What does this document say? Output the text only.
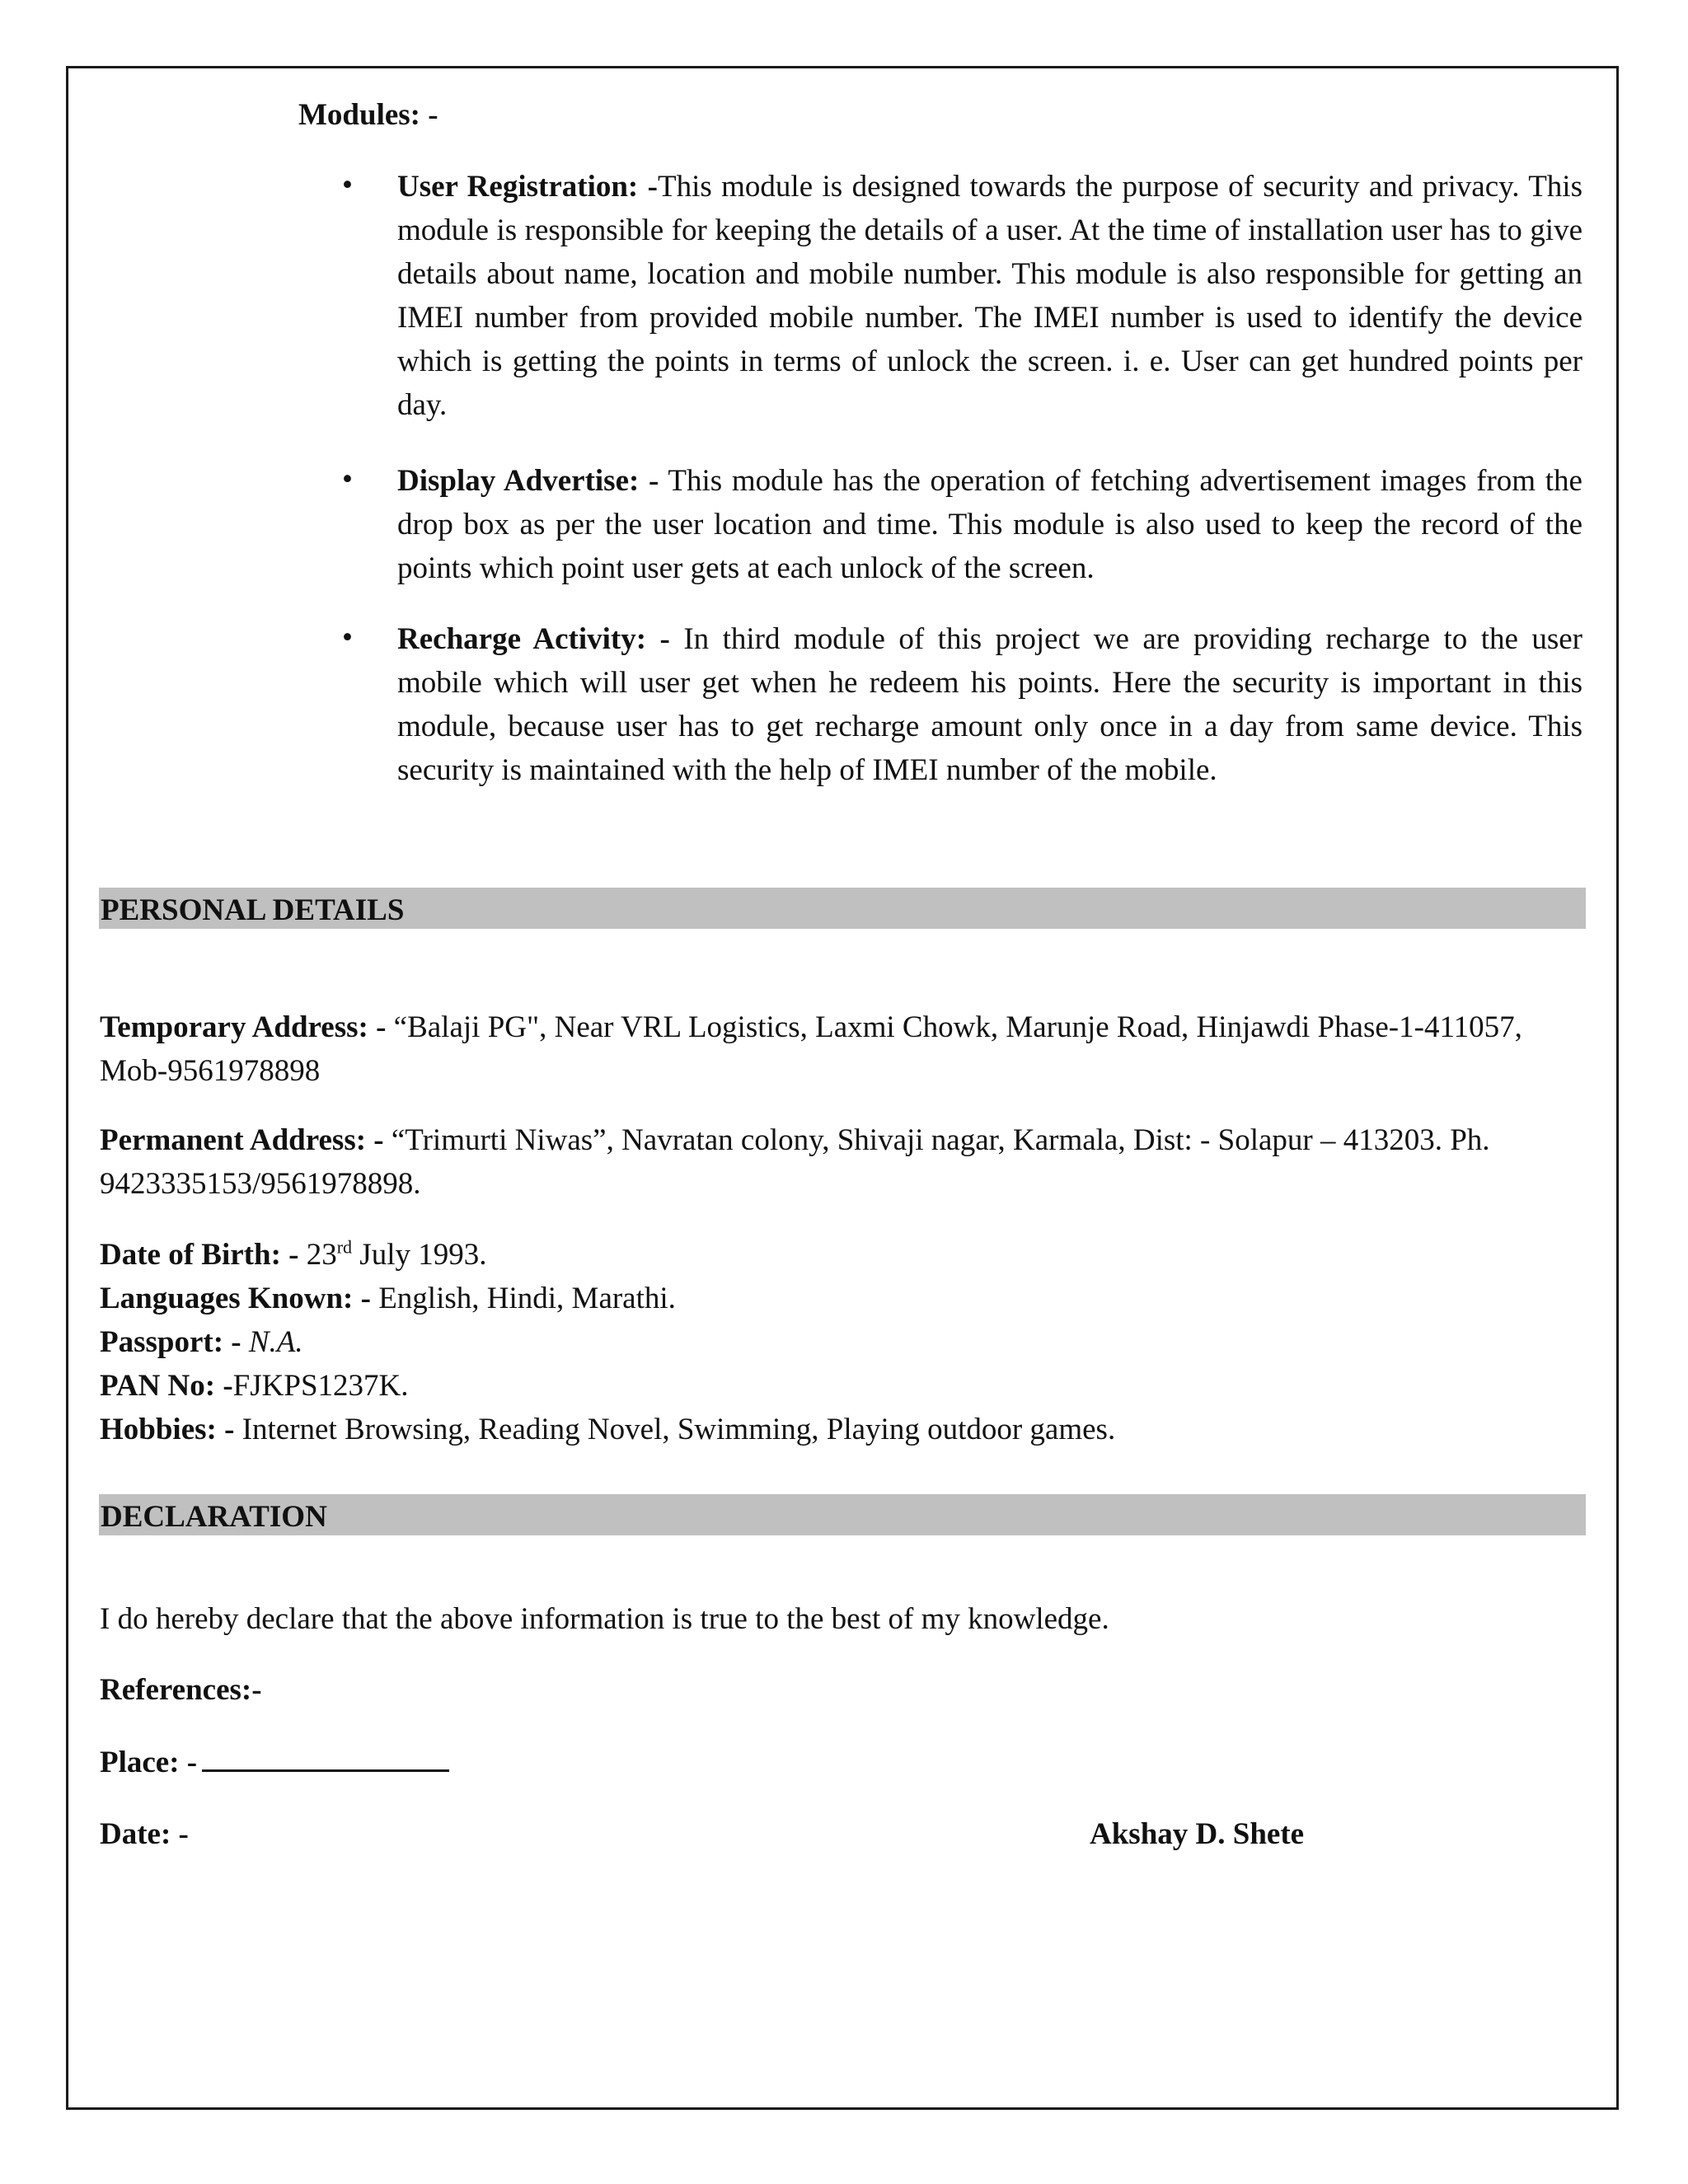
Modules: -
• User Registration: -This module is designed towards the purpose of security and privacy. This module is responsible for keeping the details of a user. At the time of installation user has to give details about name, location and mobile number. This module is also responsible for getting an IMEI number from provided mobile number. The IMEI number is used to identify the device which is getting the points in terms of unlock the screen. i. e. User can get hundred points per day.
• Display Advertise: - This module has the operation of fetching advertisement images from the drop box as per the user location and time. This module is also used to keep the record of the points which point user gets at each unlock of the screen.
• Recharge Activity: - In third module of this project we are providing recharge to the user mobile which will user get when he redeem his points. Here the security is important in this module, because user has to get recharge amount only once in a day from same device. This security is maintained with the help of IMEI number of the mobile.
PERSONAL DETAILS
Temporary Address: - “Balaji PG", Near VRL Logistics, Laxmi Chowk, Marunje Road, Hinjawdi Phase-1-411057, Mob-9561978898
Permanent Address: - “Trimurti Niwas”, Navratan colony, Shivaji nagar, Karmala, Dist: - Solapur – 413203. Ph. 9423335153/9561978898.
Date of Birth: - 23rd July 1993.
Languages Known: - English, Hindi, Marathi.
Passport: - N.A.
PAN No: -FJKPS1237K.
Hobbies: - Internet Browsing, Reading Novel, Swimming, Playing outdoor games.
DECLARATION
I do hereby declare that the above information is true to the best of my knowledge.
References:-
Place: -
Date: -	Akshay D. Shete
